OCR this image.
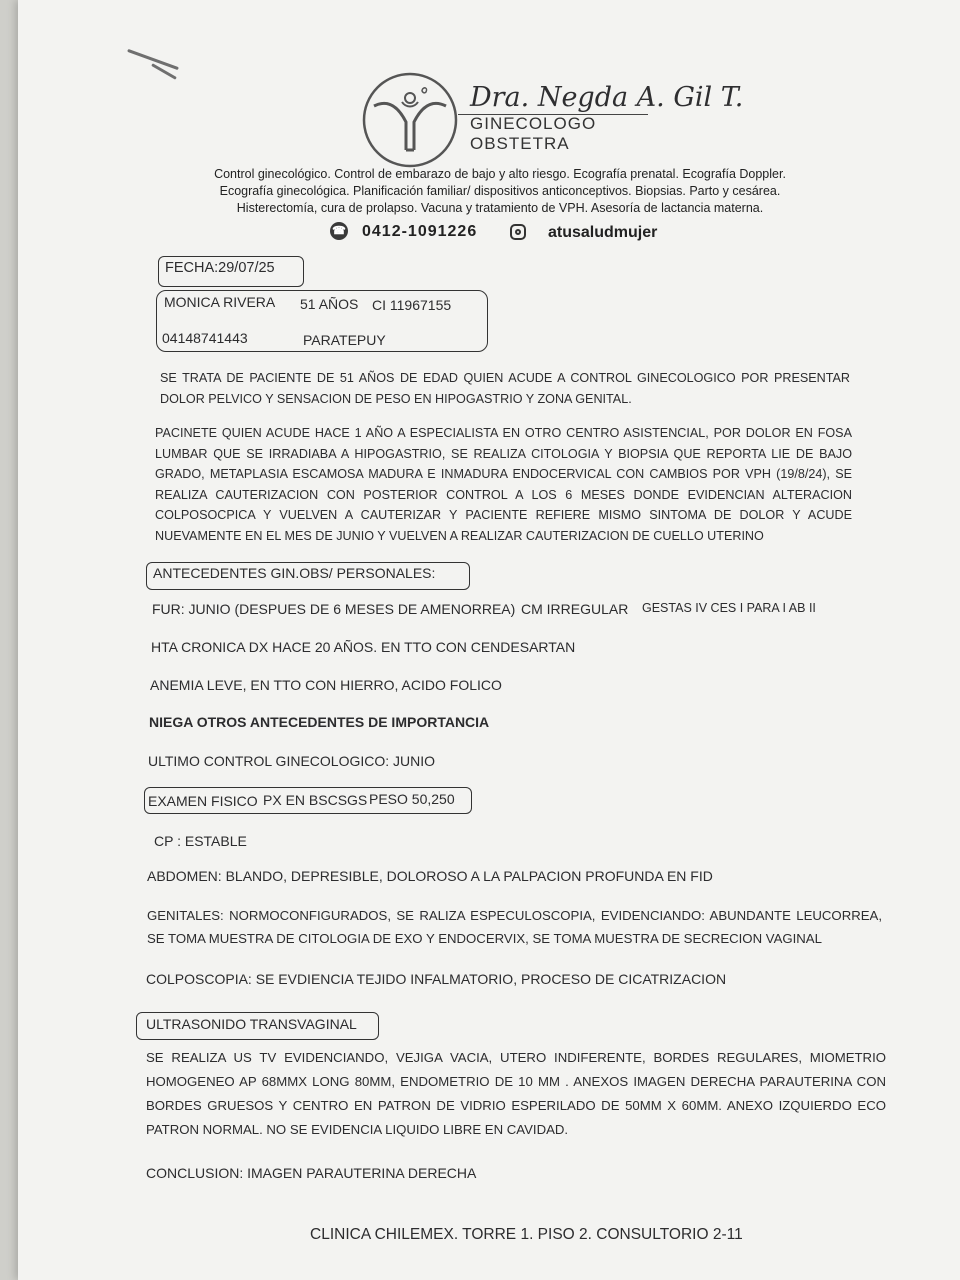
Dra. Negda A. Gil T.
GINECOLOGO
OBSTETRA
Control ginecológico. Control de embarazo de bajo y alto riesgo. Ecografía prenatal. Ecografía Doppler. Ecografía ginecológica. Planificación familiar/ dispositivos anticonceptivos. Biopsias. Parto y cesárea. Histerectomía, cura de prolapso. Vacuna y tratamiento de VPH. Asesoría de lactancia materna.
☎ 0412-1091226	atusaludmujer
FECHA:29/07/25
MONICA RIVERA 51 AÑOS CI 11967155
04148741443	PARATEPUY
SE TRATA DE PACIENTE DE 51 AÑOS DE EDAD QUIEN ACUDE A CONTROL GINECOLOGICO POR PRESENTAR DOLOR PELVICO Y SENSACION DE PESO EN HIPOGASTRIO Y ZONA GENITAL.
PACINETE QUIEN ACUDE HACE 1 AÑO A ESPECIALISTA EN OTRO CENTRO ASISTENCIAL, POR DOLOR EN FOSA LUMBAR QUE SE IRRADIABA A HIPOGASTRIO, SE REALIZA CITOLOGIA Y BIOPSIA QUE REPORTA LIE DE BAJO GRADO, METAPLASIA ESCAMOSA MADURA E INMADURA ENDOCERVICAL CON CAMBIOS POR VPH (19/8/24), SE REALIZA CAUTERIZACION CON POSTERIOR CONTROL A LOS 6 MESES DONDE EVIDENCIAN ALTERACION COLPOSOCPICA Y VUELVEN A CAUTERIZAR Y PACIENTE REFIERE MISMO SINTOMA DE DOLOR Y ACUDE NUEVAMENTE EN EL MES DE JUNIO Y VUELVEN A REALIZAR CAUTERIZACION DE CUELLO UTERINO
ANTECEDENTES GIN.OBS/ PERSONALES:
FUR: JUNIO (DESPUES DE 6 MESES DE AMENORREA) CM IRREGULAR GESTAS IV CES I PARA I AB II
HTA CRONICA DX HACE 20 AÑOS. EN TTO CON CENDESARTAN
ANEMIA LEVE, EN TTO CON HIERRO, ACIDO FOLICO
NIEGA OTROS ANTECEDENTES DE IMPORTANCIA
ULTIMO CONTROL GINECOLOGICO: JUNIO
EXAMEN FISICO PX EN BSCSGS PESO 50,250
CP : ESTABLE
ABDOMEN: BLANDO, DEPRESIBLE, DOLOROSO A LA PALPACION PROFUNDA EN FID
GENITALES: NORMOCONFIGURADOS, SE RALIZA ESPECULOSCOPIA, EVIDENCIANDO: ABUNDANTE LEUCORREA, SE TOMA MUESTRA DE CITOLOGIA DE EXO Y ENDOCERVIX, SE TOMA MUESTRA DE SECRECION VAGINAL
COLPOSCOPIA: SE EVDIENCIA TEJIDO INFALMATORIO, PROCESO DE CICATRIZACION
ULTRASONIDO TRANSVAGINAL
SE REALIZA US TV EVIDENCIANDO, VEJIGA VACIA, UTERO INDIFERENTE, BORDES REGULARES, MIOMETRIO HOMOGENEO AP 68MMX LONG 80MM, ENDOMETRIO DE 10 MM . ANEXOS IMAGEN DERECHA PARAUTERINA CON BORDES GRUESOS Y CENTRO EN PATRON DE VIDRIO ESPERILADO DE 50MM X 60MM. ANEXO IZQUIERDO ECO PATRON NORMAL. NO SE EVIDENCIA LIQUIDO LIBRE EN CAVIDAD.
CONCLUSION: IMAGEN PARAUTERINA DERECHA
CLINICA CHILEMEX. TORRE 1. PISO 2. CONSULTORIO 2-11
